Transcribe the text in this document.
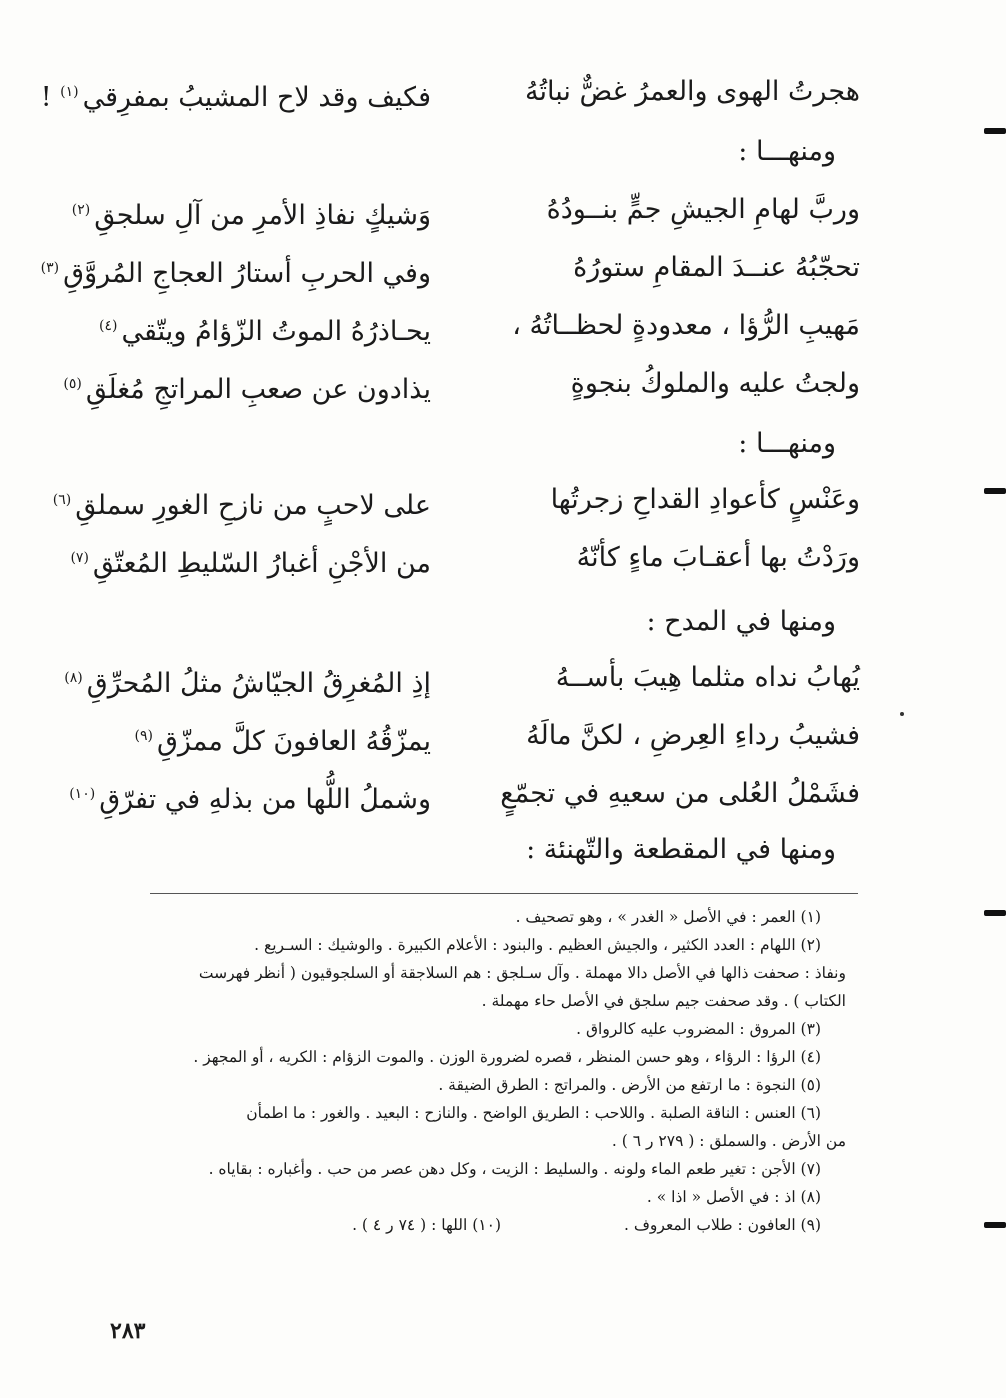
هجرتُ الهوى والعمرُ غضٌّ نباتُهُ
فكيف وقد لاح المشيبُ بمفرِقي$^{(١)}$ !
ومنهـــا :
وربَّ لهامِ الجيشِ جمٍّ بنــودُهُ
وَشيكٍ نفاذِ الأمرِ من آلِ سلجقِ$^{(٢)}$
تحجّبُهُ عنــدَ المقامِ ستورُهُ
وفي الحربِ أستارُ العجاجِ المُروَّقِ$^{(٣)}$
مَهيبِ الرُّؤا ، معدودةٍ لحظــاتُهُ ،
يحـاذرُهُ الموتُ الزّؤامُ ويتّقي$^{(٤)}$
ولجتُ عليه والملوكُ بنجوةٍ
يذادون عن صعبِ المراتجِ مُغلَقِ$^{(٥)}$
ومنهـــا :
وعَنْسٍ كأعوادِ القداحِ زجرتُها
على لاحبٍ من نازحِ الغورِ سملقِ$^{(٦)}$
ورَدْتُ بها أعقـابَ ماءٍ كأنّهُ
من الأجْنِ أغبارُ السّليطِ المُعتّقِ$^{(٧)}$
ومنها في المدح :
يُهابُ نداه مثلما هِيبَ بأســهُ
إذِ المُغرِقُ الجيّاشُ مثلُ المُحرِّقِ$^{(٨)}$
فشيبُ رداءِ العِرضِ ، لكنَّ مالَهُ
يمزّقُهُ العافونَ كلَّ ممزّقِ$^{(٩)}$
فشَمْلُ العُلى من سعيهِ في تجمّعٍ
وشملُ اللُّها من بذلهِ في تفرّقِ$^{(١٠)}$
ومنها في المقطعة والتّهنئة :
(١) العمر : في الأصل « الغدر » ، وهو تصحيف .
(٢) اللهام : العدد الكثير ، والجيش العظيم . والبنود : الأعلام الكبيرة . والوشيك : السـريع .
ونفاذ : صحفت ذالها في الأصل دالا مهملة . وآل سـلجق : هم السلاجقة أو السلجوقيون ( أنظر فهرست
الكتاب ) . وقد صحفت جيم سلجق في الأصل حاء مهملة .
(٣) المروق : المضروب عليه كالرواق .
(٤) الرؤا : الرؤاء ، وهو حسن المنظر ، قصره لضرورة الوزن . والموت الزؤام : الكريه ، أو المجهز .
(٥) النجوة : ما ارتفع من الأرض . والمراتج : الطرق الضيقة .
(٦) العنس : الناقة الصلبة . واللاحب : الطريق الواضح . والنازح : البعيد . والغور : ما اطمأن
من الأرض . والسملق : ( ٢٧٩ ر ٦ ) .
(٧) الأجن : تغير طعم الماء ولونه . والسليط : الزيت ، وكل دهن عصر من حب . وأغباره : بقاياه .
(٨) اذ : في الأصل « اذا » .
(٩) العافون : طلاب المعروف .
(١٠) اللها : ( ٧٤ ر ٤ ) .
٢٨٣
